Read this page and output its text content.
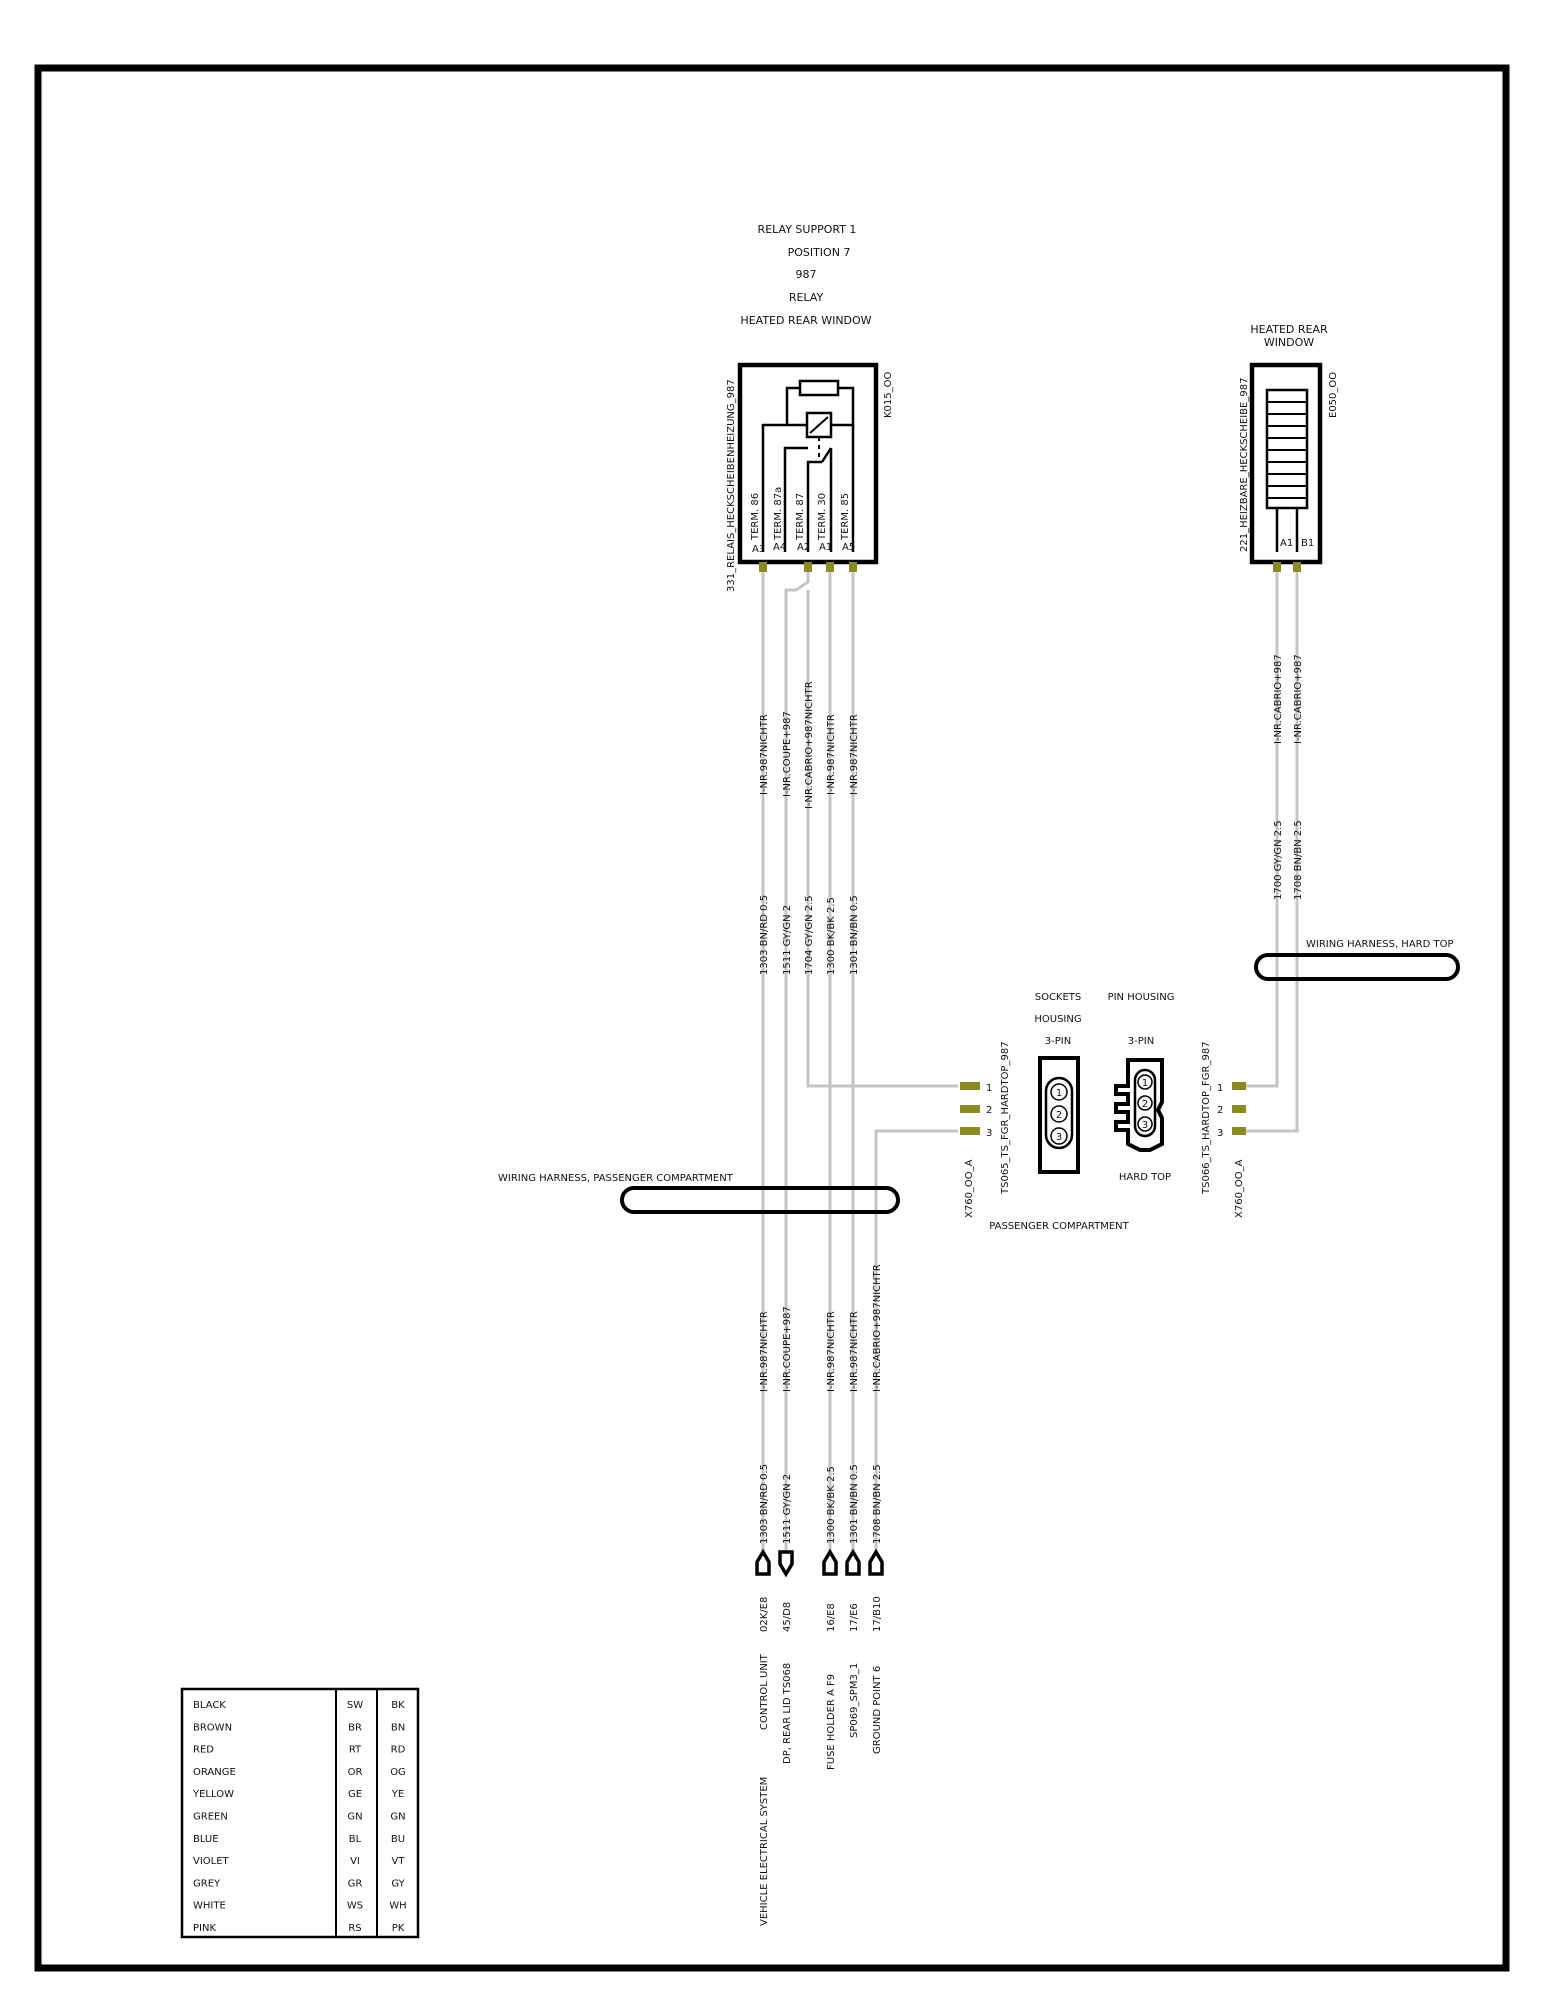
RELAY SUPPORT 1
POSITION 7
987
RELAY
HEATED REAR WINDOW
TERM. 86 TERM. 87a TERM. 87 TERM. 30 TERM. 85
A3 A4 A2 A1 A5
331_RELAIS_HECKSCHEIBENHEIZUNG_987	K015_OO
HEATED REAR
WINDOW
A1 B1
221_HEIZBARE_HECKSCHEIBE_987	E050_OO
I-NR.987NICHTR I-NR.COUPE+987 I-NR.CABRIO+987NICHTR I-NR.987NICHTR I-NR.987NICHTR
1303 BN/RD 0.5 1511 GY/GN 2 1704 GY/GN 2.5 1300 BK/BK 2.5 1301 BN/BN 0.5
I-NR.CABRIO+987 I-NR.CABRIO+987
1700 GY/GN 2.5 1708 BN/BN 2.5
WIRING HARNESS, HARD TOP
WIRING HARNESS, PASSENGER COMPARTMENT
SOCKETS
HOUSING
3-PIN
1
2
3
1
2
3 TS065_TS_FGR_HARDTOP_987
X760_OO_A
PASSENGER COMPARTMENT
PIN HOUSING
3-PIN
1
2
3
1
2
3
TS066_TS_HARDTOP_FGR_987 X760_OO_A
HARD TOP
I-NR.987NICHTR I-NR.COUPE+987	I-NR.987NICHTR I-NR.987NICHTR I-NR.CABRIO+987NICHTR
1303 BN/RD 0.5 1511 GY/GN 2	1300 BK/BK 2.5 1301 BN/BN 0.5 1708 BN/BN 2.5
02K/E8 45/D8	16/E8 17/E6 17/B10
CONTROL UNIT DP, REAR LID TS068	FUSE HOLDER A F9 SP069_SPM3_1 GROUND POINT 6
VEHICLE ELECTRICAL SYSTEM
BLACK	SW	BK
BROWN	BR	BN
RED	RT	RD
ORANGE	OR	OG
YELLOW	GE	YE
GREEN	GN	GN
BLUE	BL	BU
VIOLET	VI	VT
GREY	GR	GY
WHITE	WS	WH
PINK	RS	PK
